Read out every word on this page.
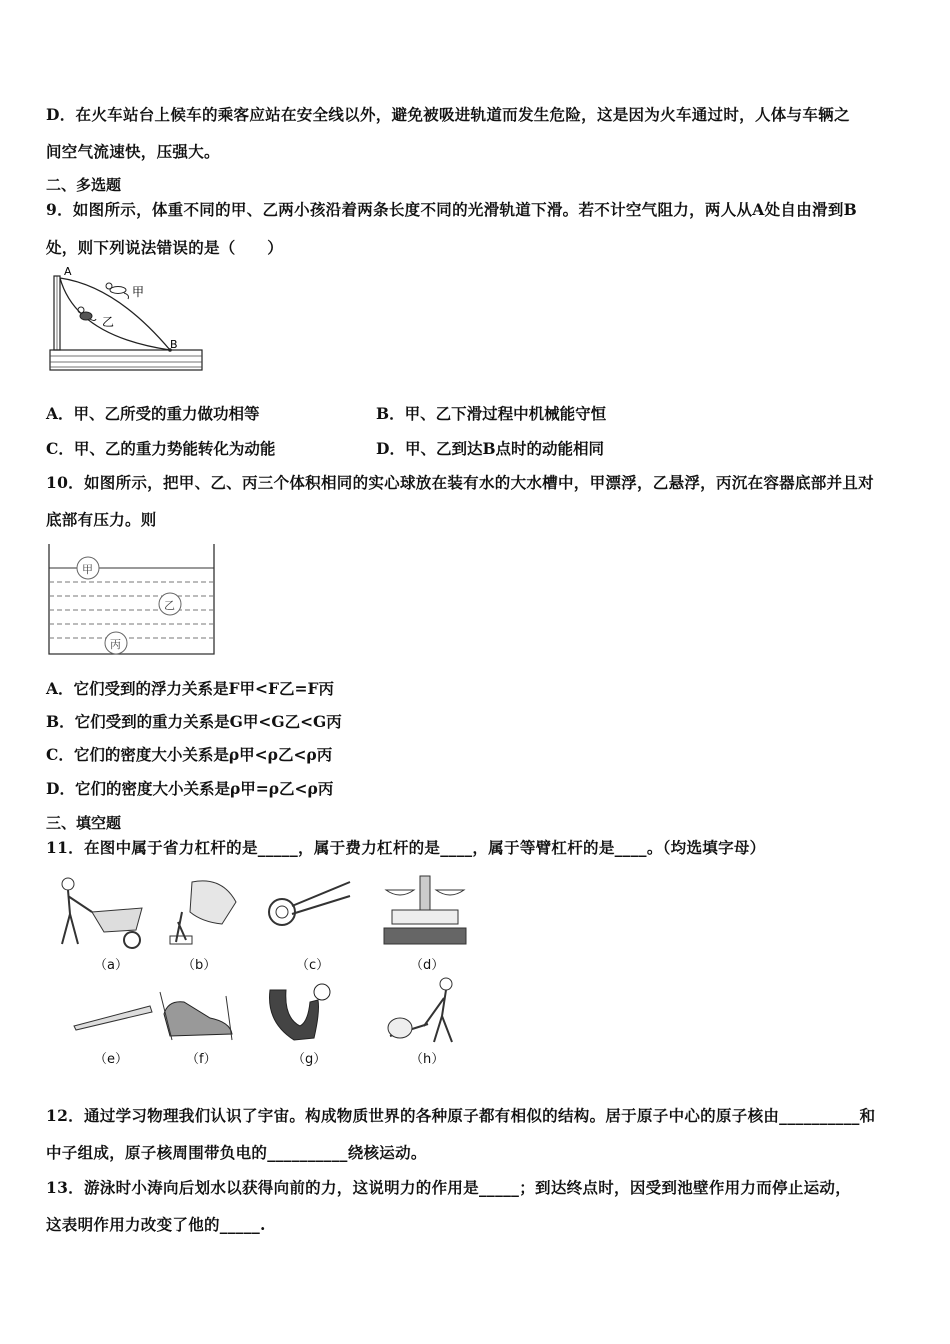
D．在火车站台上候车的乘客应站在安全线以外，避免被吸进轨道而发生危险，这是因为火车通过时，人体与车辆之
间空气流速快，压强大。
二、多选题
9．如图所示，体重不同的甲、乙两小孩沿着两条长度不同的光滑轨道下滑。若不计空气阻力，两人从A处自由滑到B
处，则下列说法错误的是（　　）
A
B
甲
乙
A．甲、乙所受的重力做功相等	B．甲、乙下滑过程中机械能守恒
C．甲、乙的重力势能转化为动能	D．甲、乙到达B点时的动能相同
10．如图所示，把甲、乙、丙三个体积相同的实心球放在装有水的大水槽中，甲漂浮，乙悬浮，丙沉在容器底部并且对
底部有压力。则
甲
乙
丙
A．它们受到的浮力关系是F甲<F乙=F丙
B．它们受到的重力关系是G甲<G乙<G丙
C．它们的密度大小关系是ρ甲<ρ乙<ρ丙
D．它们的密度大小关系是ρ甲=ρ乙<ρ丙
三、填空题
11．在图中属于省力杠杆的是_____，属于费力杠杆的是____，属于等臂杠杆的是____。（均选填字母）
（a）	（b）	（c）	（d）
（e）	（f）	（g）	（h）
12．通过学习物理我们认识了宇宙。构成物质世界的各种原子都有相似的结构。居于原子中心的原子核由__________和
中子组成，原子核周围带负电的__________绕核运动。
13．游泳时小涛向后划水以获得向前的力，这说明力的作用是_____；到达终点时，因受到池壁作用力而停止运动，
这表明作用力改变了他的_____.
